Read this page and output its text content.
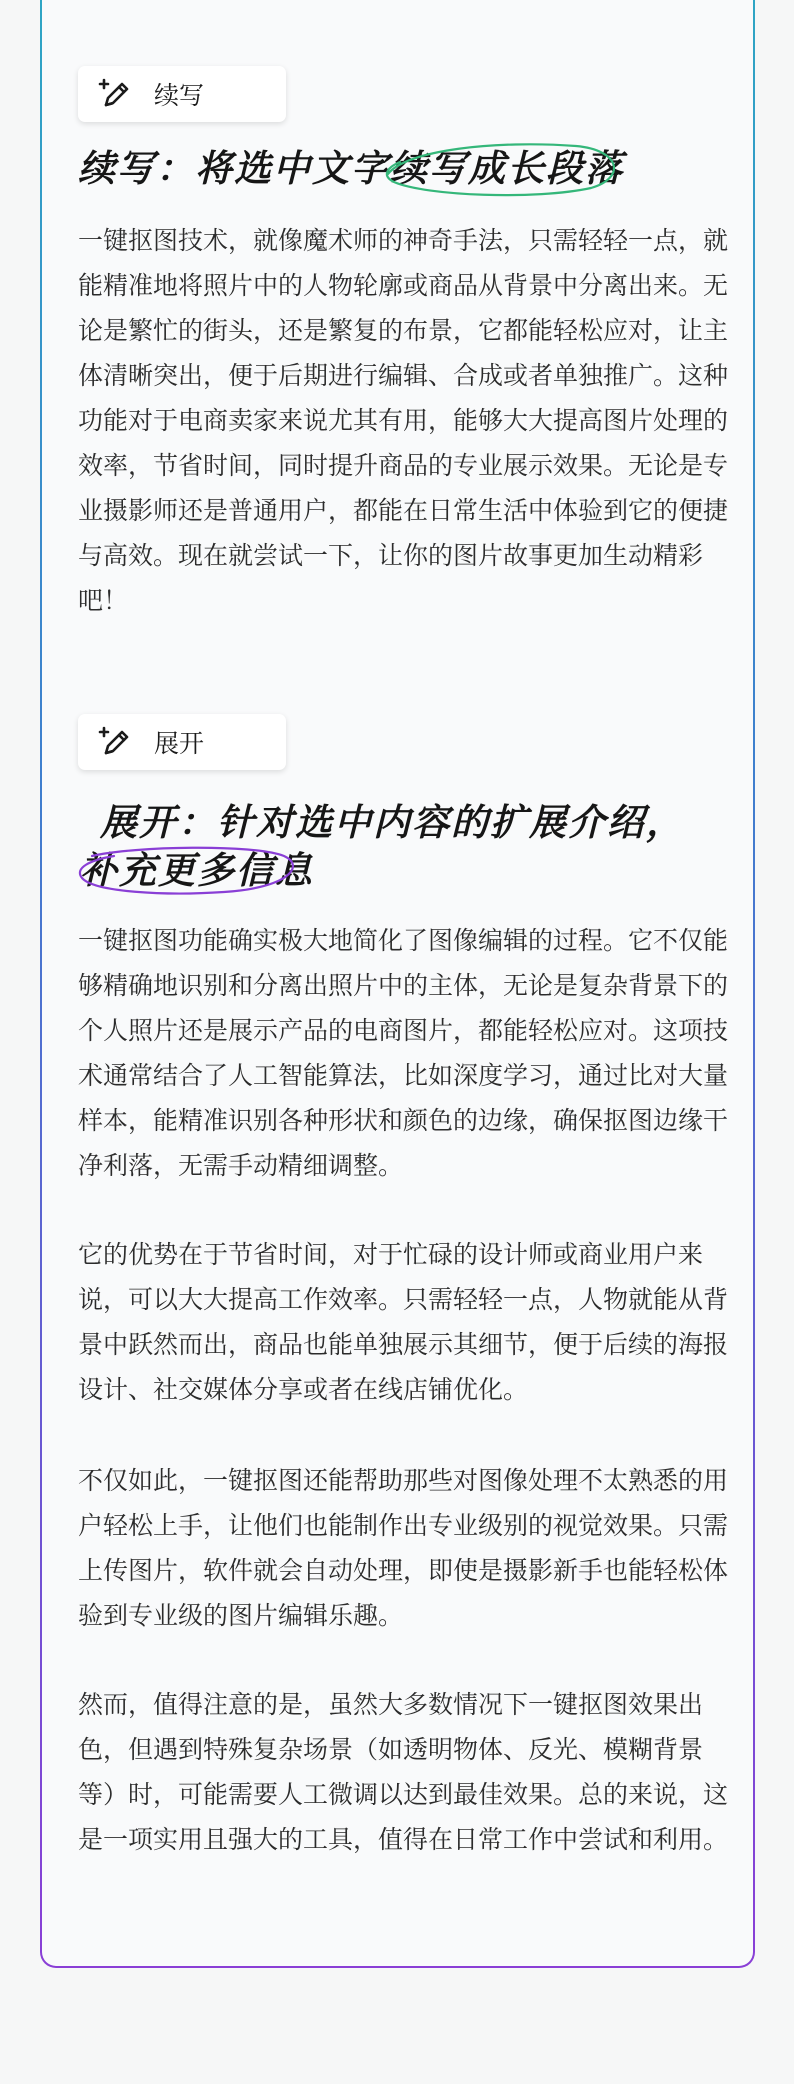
续写
续写：将选中文字续写成长段落

一键抠图技术，就像魔术师的神奇手法，只需轻轻一点，就能精准地将照片中的人物轮廓或商品从背景中分离出来。无论是繁忙的街头，还是繁复的布景，它都能轻松应对，让主体清晰突出，便于后期进行编辑、合成或者单独推广。这种功能对于电商卖家来说尤其有用，能够大大提高图片处理的效率，节省时间，同时提升商品的专业展示效果。无论是专业摄影师还是普通用户，都能在日常生活中体验到它的便捷与高效。现在就尝试一下，让你的图片故事更加生动精彩吧！

展开
展开：针对选中内容的扩展介绍，
补充更多
信息

一键抠图功能确实极大地简化了图像编辑的过程。它不仅能够精确地识别和分离出照片中的主体，无论是复杂背景下的个人照片还是展示产品的电商图片，都能轻松应对。这项技术通常结合了人工智能算法，比如深度学习，通过比对大量样本，能精准识别各种形状和颜色的边缘，确保抠图边缘干净利落，无需手动精细调整。

它的优势在于节省时间，对于忙碌的设计师或商业用户来说，可以大大提高工作效率。只需轻轻一点，人物就能从背景中跃然而出，商品也能单独展示其细节，便于后续的海报设计、社交媒体分享或者在线店铺优化。

不仅如此，一键抠图还能帮助那些对图像处理不太熟悉的用户轻松上手，让他们也能制作出专业级别的视觉效果。只需上传图片，软件就会自动处理，即使是摄影新手也能轻松体验到专业级的图片编辑乐趣。

然而，值得注意的是，虽然大多数情况下一键抠图效果出色，但遇到特殊复杂场景（如透明物体、反光、模糊背景等）时，可能需要人工微调以达到最佳效果。总的来说，这是一项实用且强大的工具，值得在日常工作中尝试和利用。
